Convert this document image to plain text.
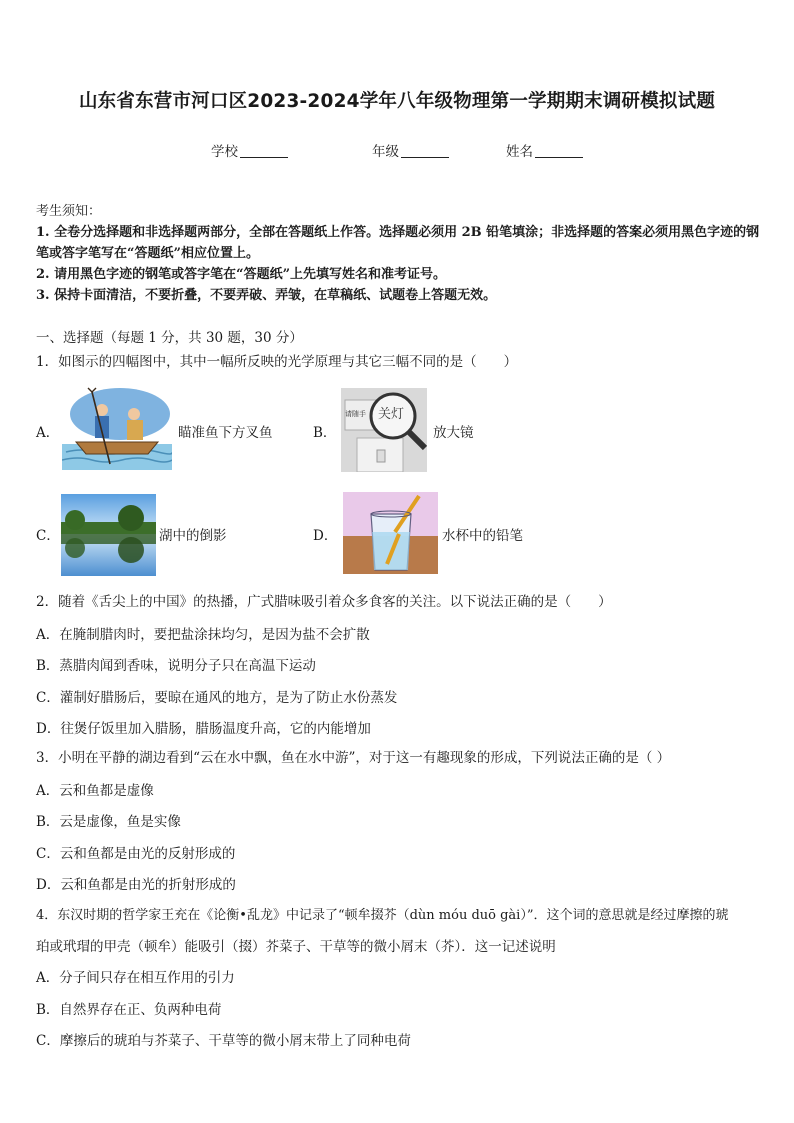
山东省东营市河口区2023-2024学年八年级物理第一学期期末调研模拟试题
学校	年级	姓名
考生须知：
1. 全卷分选择题和非选择题两部分，全部在答题纸上作答。选择题必须用 2B 铅笔填涂；非选择题的答案必须用黑色字迹的钢笔或答字笔写在“答题纸”相应位置上。
2. 请用黑色字迹的钢笔或答字笔在“答题纸”上先填写姓名和准考证号。
3. 保持卡面清洁，不要折叠，不要弄破、弄皱，在草稿纸、试题卷上答题无效。
一、选择题（每题 1 分，共 30 题，30 分）
1．如图示的四幅图中，其中一幅所反映的光学原理与其它三幅不同的是（　　）
A．	瞄准鱼下方叉鱼	B．
请随手 关灯
放大镜
C．	湖中的倒影	D．	水杯中的铅笔
2．随着《舌尖上的中国》的热播，广式腊味吸引着众多食客的关注。以下说法正确的是（　　）
A．在腌制腊肉时，要把盐涂抹均匀，是因为盐不会扩散
B．蒸腊肉闻到香味，说明分子只在高温下运动
C．灌制好腊肠后，要晾在通风的地方，是为了防止水份蒸发
D．往煲仔饭里加入腊肠，腊肠温度升高，它的内能增加
3．小明在平静的湖边看到“云在水中飘，鱼在水中游”，对于这一有趣现象的形成，下列说法正确的是（ ）
A．云和鱼都是虚像
B．云是虚像，鱼是实像
C．云和鱼都是由光的反射形成的
D．云和鱼都是由光的折射形成的
4．东汉时期的哲学家王充在《论衡•乱龙》中记录了“顿牟掇芥（dùn móu duō gài）”．这个词的意思就是经过摩擦的琥
珀或玳瑁的甲壳（顿牟）能吸引（掇）芥菜子、干草等的微小屑末（芥）．这一记述说明
A．分子间只存在相互作用的引力
B．自然界存在正、负两种电荷
C．摩擦后的琥珀与芥菜子、干草等的微小屑末带上了同种电荷
